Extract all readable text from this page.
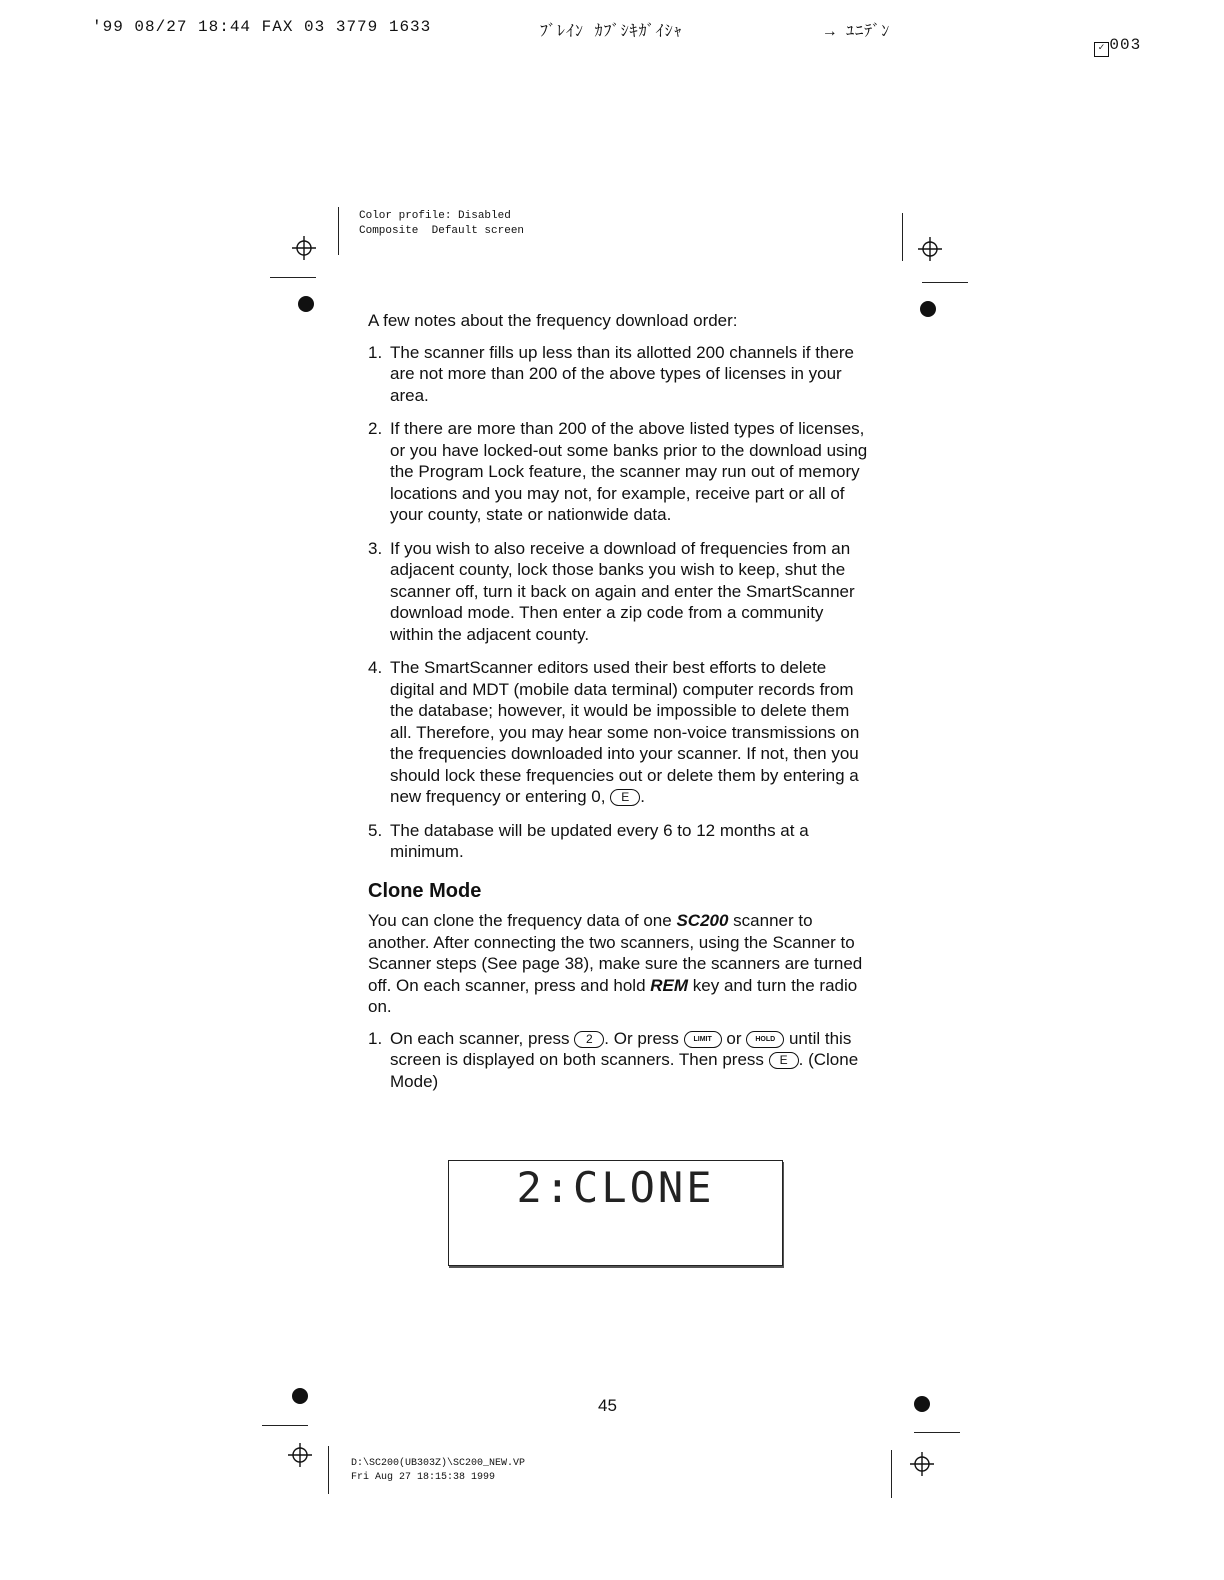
'99 08/27 18:44 FAX 03 3779 1633	ﾌﾞﾚｲﾝ ｶﾌﾞｼｷｶﾞｲｼｬ	→ ﾕﾆﾃﾞﾝ

✓ 003

Color profile: Disabled
Composite  Default screen

A few notes about the frequency download order:

1. The scanner fills up less than its allotted 200 channels if there are not more than 200 of the above types of licenses in your area.
2. If there are more than 200 of the above listed types of licenses, or you have locked-out some banks prior to the download using the Program Lock feature, the scanner may run out of memory locations and you may not, for example, receive part or all of your county, state or nationwide data.
3. If you wish to also receive a download of frequencies from an adjacent county, lock those banks you wish to keep, shut the scanner off, turn it back on again and enter the SmartScanner download mode. Then enter a zip code from a community within the adjacent county.
4. The SmartScanner editors used their best efforts to delete digital and MDT (mobile data terminal) computer records from the database; however, it would be impossible to delete them all. Therefore, you may hear some non-voice transmissions on the frequencies downloaded into your scanner. If not, then you should lock these frequencies out or delete them by entering a new frequency or entering 0, E .
5. The database will be updated every 6 to 12 months at a minimum.
Clone Mode

You can clone the frequency data of one SC200 scanner to another. After connecting the two scanners, using the Scanner to Scanner steps (See page 38), make sure the scanners are turned off. On each scanner, press and hold REM key and turn the radio on.

1. On each scanner, press 2 . Or press LIMIT or HOLD until this screen is displayed on both scanners. Then press E . (Clone Mode)
2:CLONE
45
D:\SC200(UB303Z)\SC200_NEW.VP
Fri Aug 27 18:15:38 1999
